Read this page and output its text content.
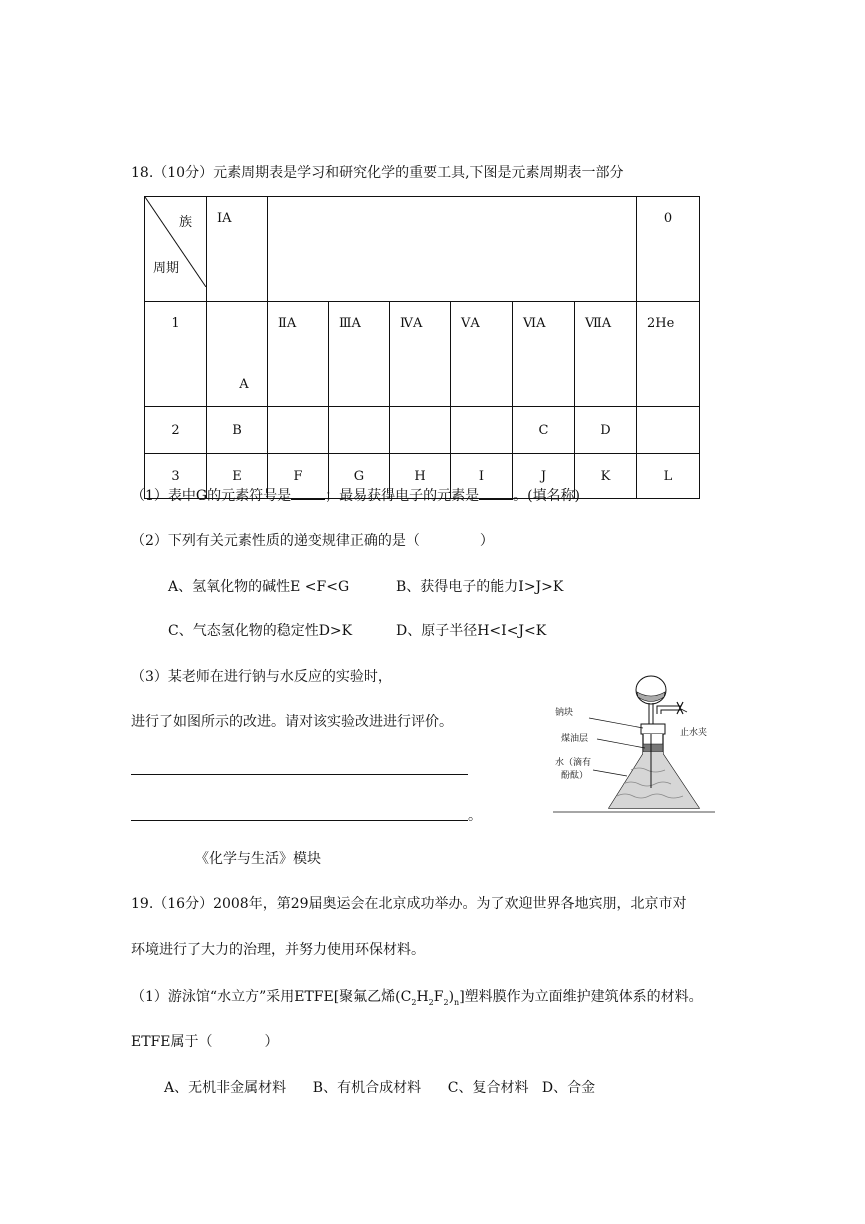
18.（10分）元素周期表是学习和研究化学的重要工具,下图是元素周期表一部分
族
周期	ⅠA							0
1	A	ⅡA	ⅢA	ⅣA	ⅤA	ⅥA	ⅦA	2He
2	B					C	D	
3	E	F	G	H	I	J	K	L
（1）表中G的元素符号是 ；最易获得电子的元素是 。(填名称)
（2）下列有关元素性质的递变规律正确的是（	）
A、氢氧化物的碱性E <F<G	B、获得电子的能力I>J>K
C、气态氢化物的稳定性D>K	D、原子半径H<I<J<K
（3）某老师在进行钠与水反应的实验时，
进行了如图所示的改进。请对该实验改进进行评价。
。
钠块
煤油层
止水夹
水（滴有
酚酞）
《化学与生活》模块
19.（16分）2008年，第29届奥运会在北京成功举办。为了欢迎世界各地宾朋，北京市对
环境进行了大力的治理，并努力使用环保材料。
（1）游泳馆“水立方”采用ETFE[聚氟乙烯$(C_2H_2F_2)_n$]塑料膜作为立面维护建筑体系的材料。
ETFE属于（	）
A、无机非金属材料      B、有机合成材料      C、复合材料   D、合金
